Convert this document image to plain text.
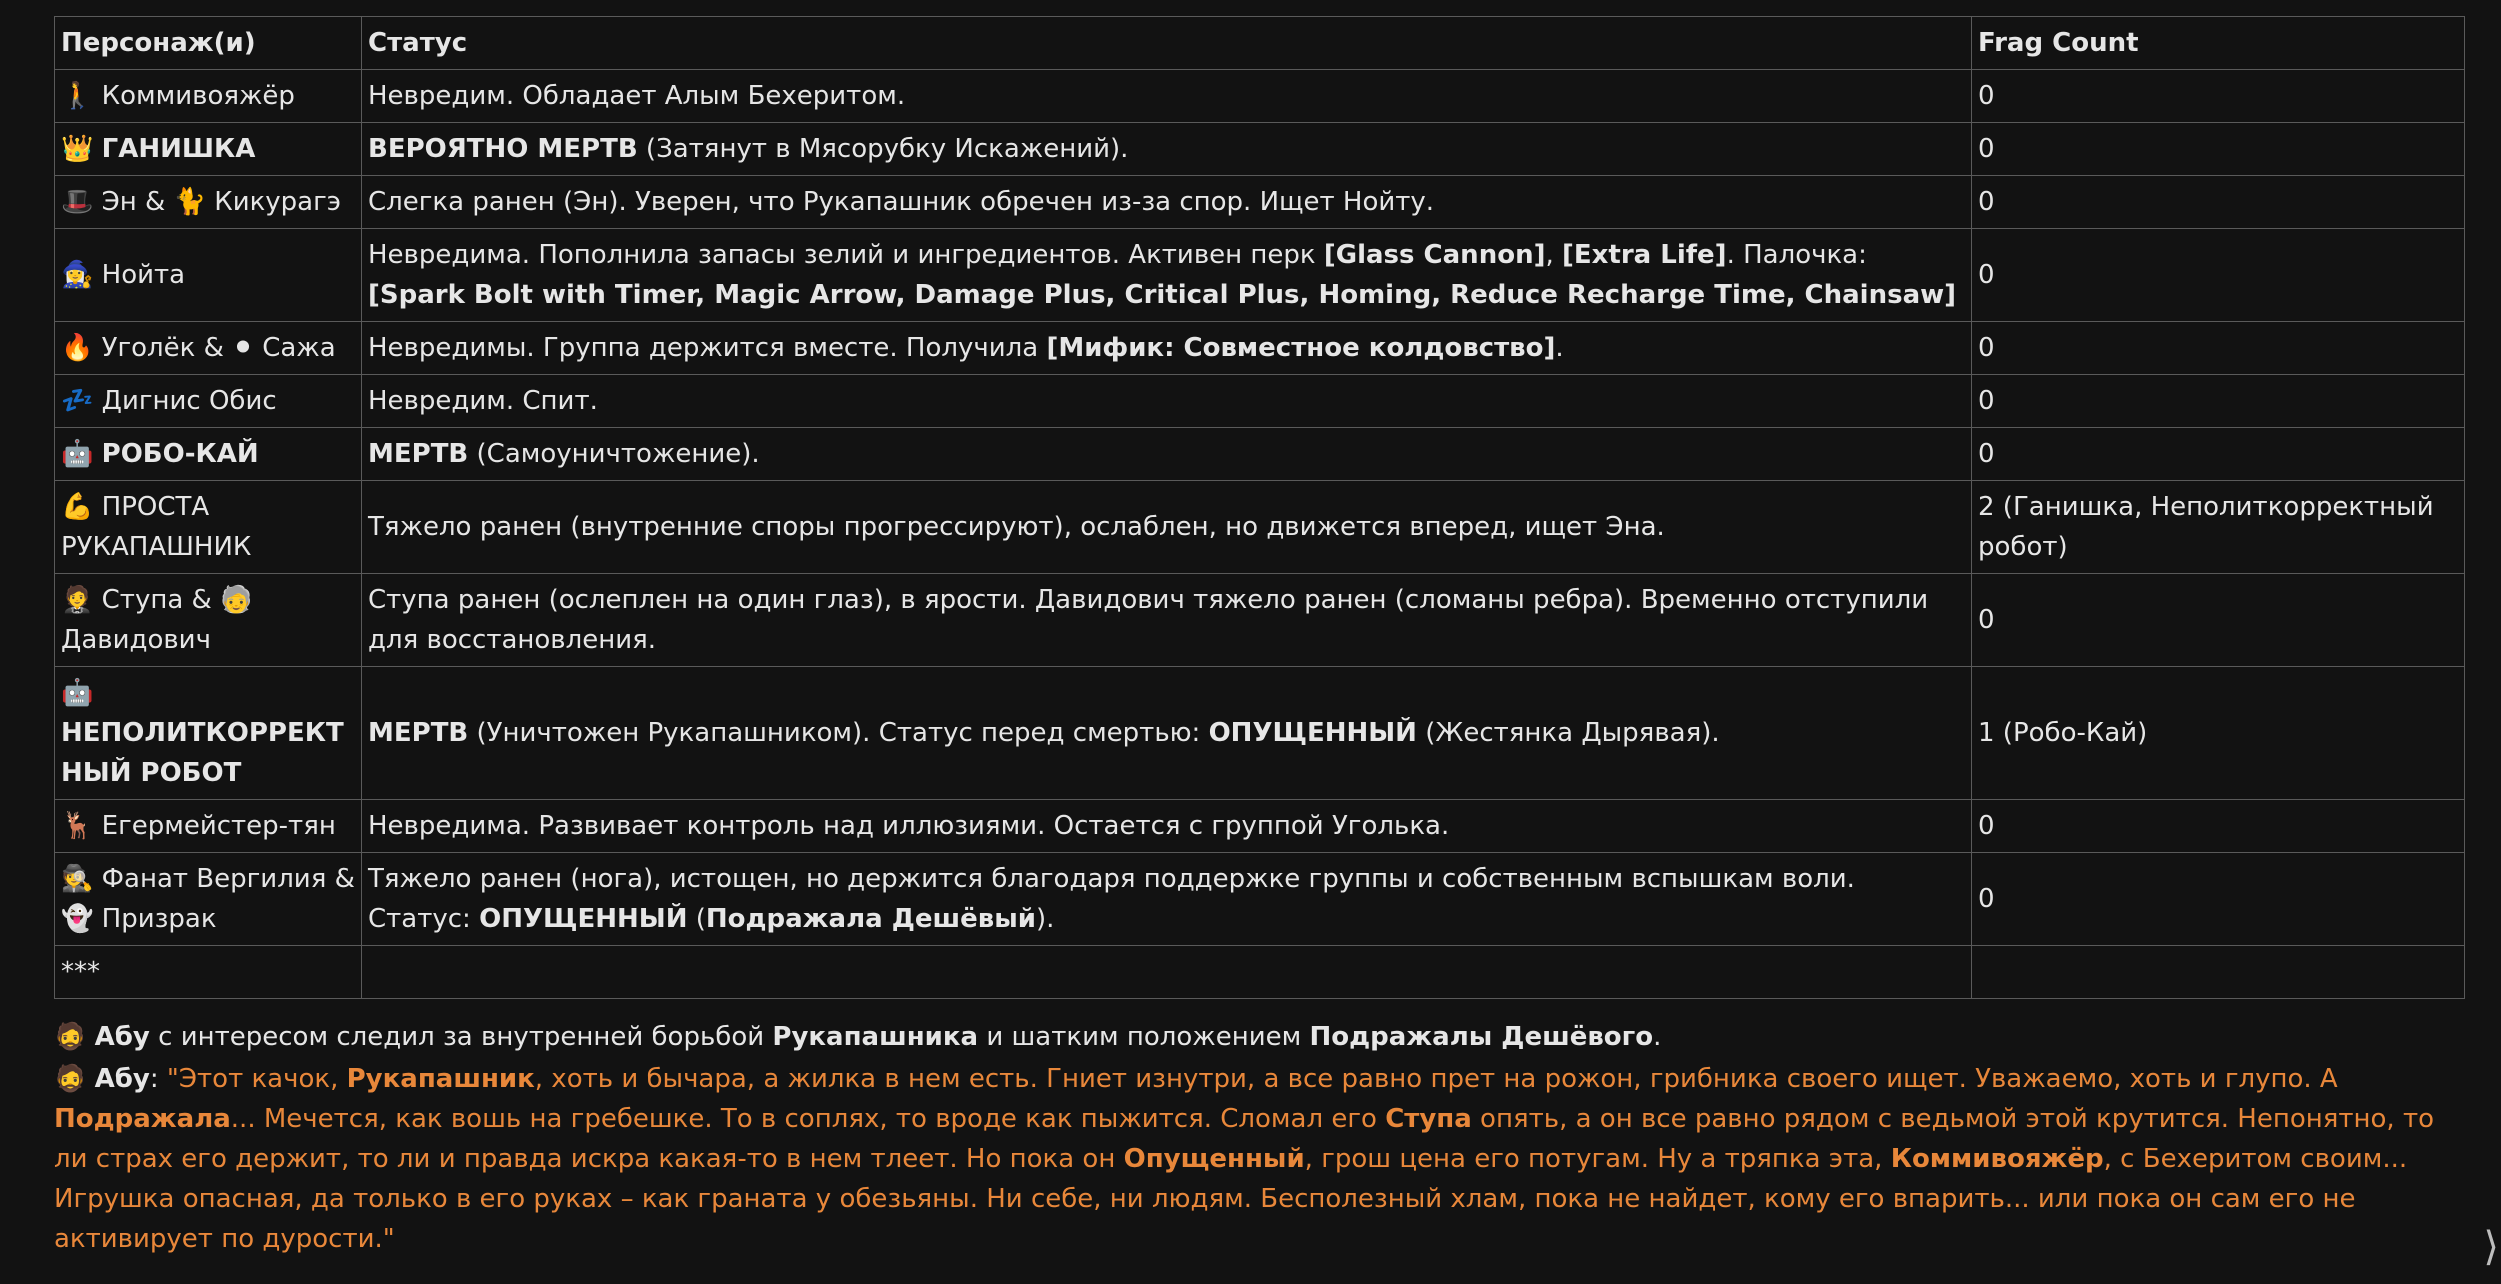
Персонаж(и)	Статус	Frag Count
🚶 Коммивояжёр	Невредим. Обладает Алым Бехеритом.	0
👑 ГАНИШКА	ВЕРОЯТНО МЕРТВ (Затянут в Мясорубку Искажений).	0
🎩 Эн & 🐈 Кикурагэ	Слегка ранен (Эн). Уверен, что Рукапашник обречен из-за спор. Ищет Нойту.	0
🧙‍♀️ Нойта	Невредима. Пополнила запасы зелий и ингредиентов. Активен перк [Glass Cannon], [Extra Life]. Палочка: [Spark Bolt with Timer, Magic Arrow, Damage Plus, Critical Plus, Homing, Reduce Recharge Time, Chainsaw]	0
🔥 Уголёк & ⚫ Сажа	Невредимы. Группа держится вместе. Получила [Мифик: Совместное колдовство].	0
💤 Дигнис Обис	Невредим. Спит.	0
🤖 РОБО-КАЙ	МЕРТВ (Самоуничтожение).	0
💪 ПРОСТА РУКАПАШНИК	Тяжело ранен (внутренние споры прогрессируют), ослаблен, но движется вперед, ищет Эна.	2 (Ганишка, Неполиткорректный робот)
🤵 Ступа & 🧓 Давидович	Ступа ранен (ослеплен на один глаз), в ярости. Давидович тяжело ранен (сломаны ребра). Временно отступили для восстановления.	0
🤖 НЕПОЛИТКОРРЕКТНЫЙ РОБОТ	МЕРТВ (Уничтожен Рукапашником). Статус перед смертью: ОПУЩЕННЫЙ (Жестянка Дырявая).	1 (Робо-Кай)
🦌 Егермейстер-тян	Невредима. Развивает контроль над иллюзиями. Остается с группой Уголька.	0
🕵️ Фанат Вергилия & 👻 Призрак	Тяжело ранен (нога), истощен, но держится благодаря поддержке группы и собственным вспышкам воли. Статус: ОПУЩЕННЫЙ (Подражала Дешёвый).	0
***		
🧔 Абу с интересом следил за внутренней борьбой Рукапашника и шатким положением Подражалы Дешёвого.
🧔 Абу: "Этот качок, Рукапашник, хоть и бычара, а жилка в нем есть. Гниет изнутри, а все равно прет на рожон, грибника своего ищет. Уважаемо, хоть и глупо. А Подражала... Мечется, как вошь на гребешке. То в соплях, то вроде как пыжится. Сломал его Ступа опять, а он все равно рядом с ведьмой этой крутится. Непонятно, то ли страх его держит, то ли и правда искра какая-то в нем тлеет. Но пока он Опущенный, грош цена его потугам. Ну а тряпка эта, Коммивояжёр, с Бехеритом своим... Игрушка опасная, да только в его руках – как граната у обезьяны. Ни себе, ни людям. Бесполезный хлам, пока не найдет, кому его впарить... или пока он сам его не активирует по дурости."	⟩
